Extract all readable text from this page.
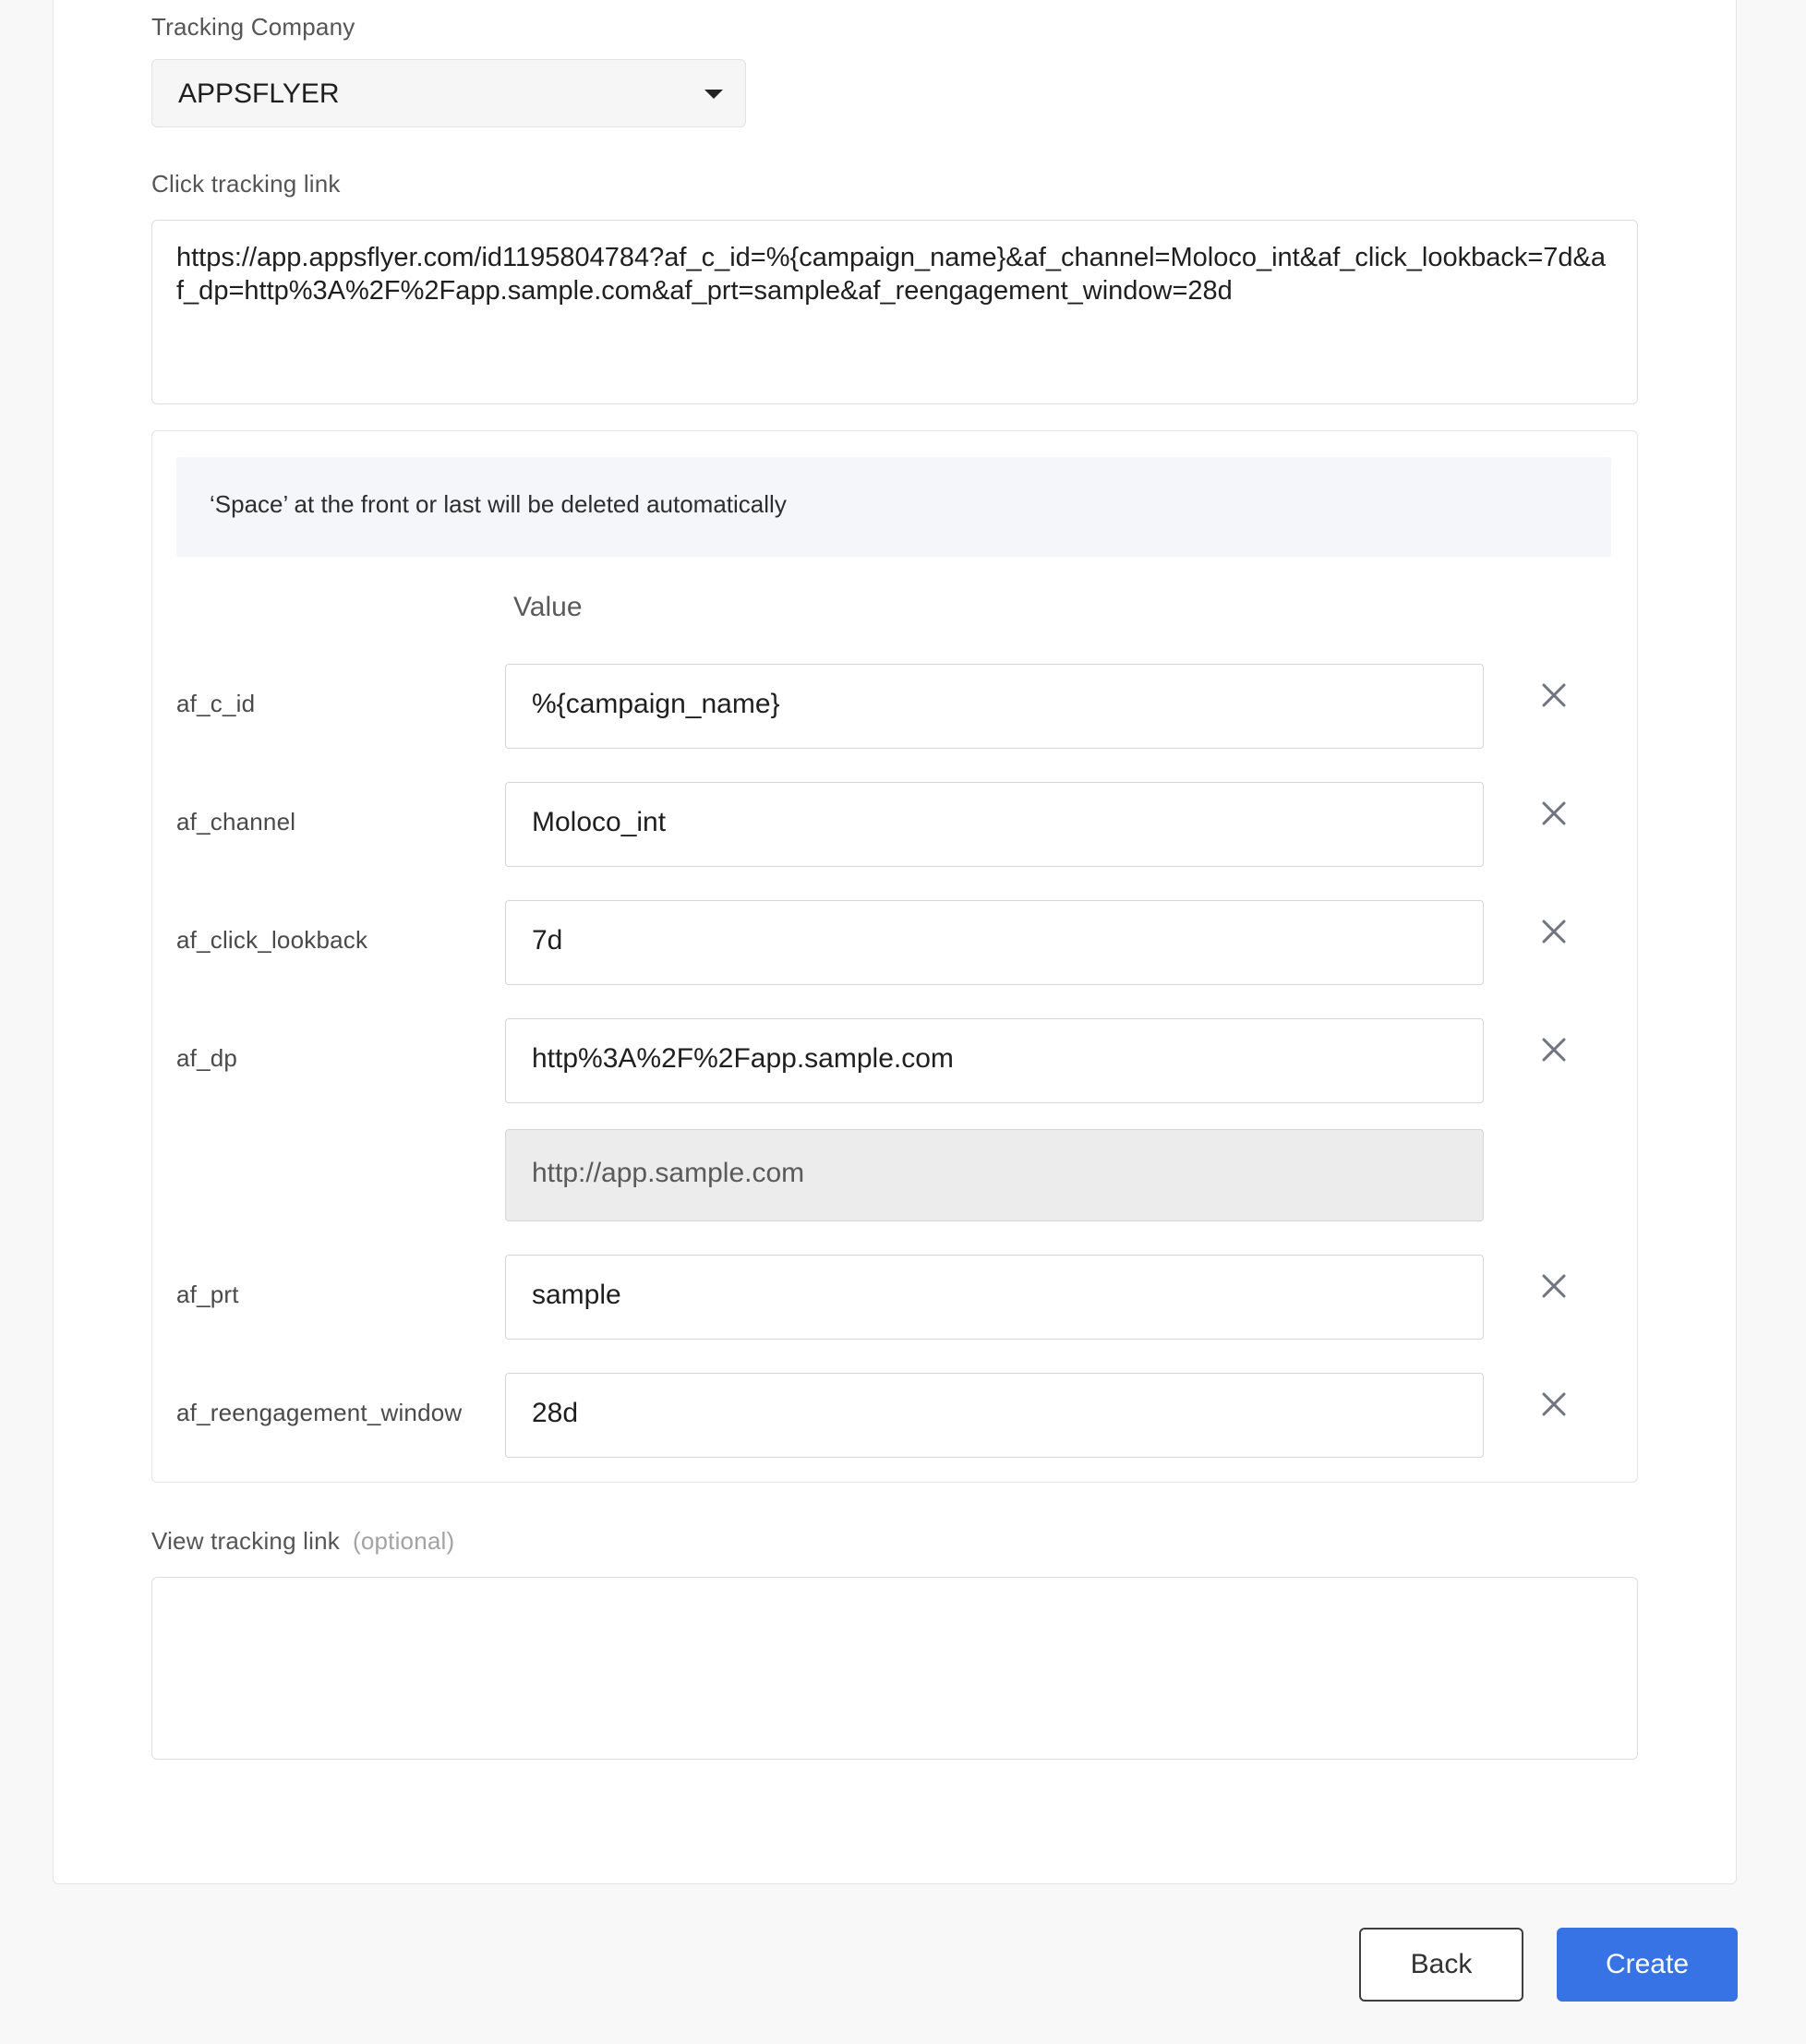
Tracking Company
APPSFLYER
Click tracking link
https://app.appsflyer.com/id1195804784?af_c_id=%{campaign_name}&af_channel=Moloco_int&af_click_lookback=7d&af_dp=http%3A%2F%2Fapp.sample.com&af_prt=sample&af_reengagement_window=28d
‘Space’ at the front or last will be deleted automatically
Value
af_c_id	%{campaign_name}
af_channel	Moloco_int
af_click_lookback	7d
af_dp	http%3A%2F%2Fapp.sample.com
http://app.sample.com
af_prt	sample
af_reengagement_window	28d
View tracking link (optional)
Back	Create
